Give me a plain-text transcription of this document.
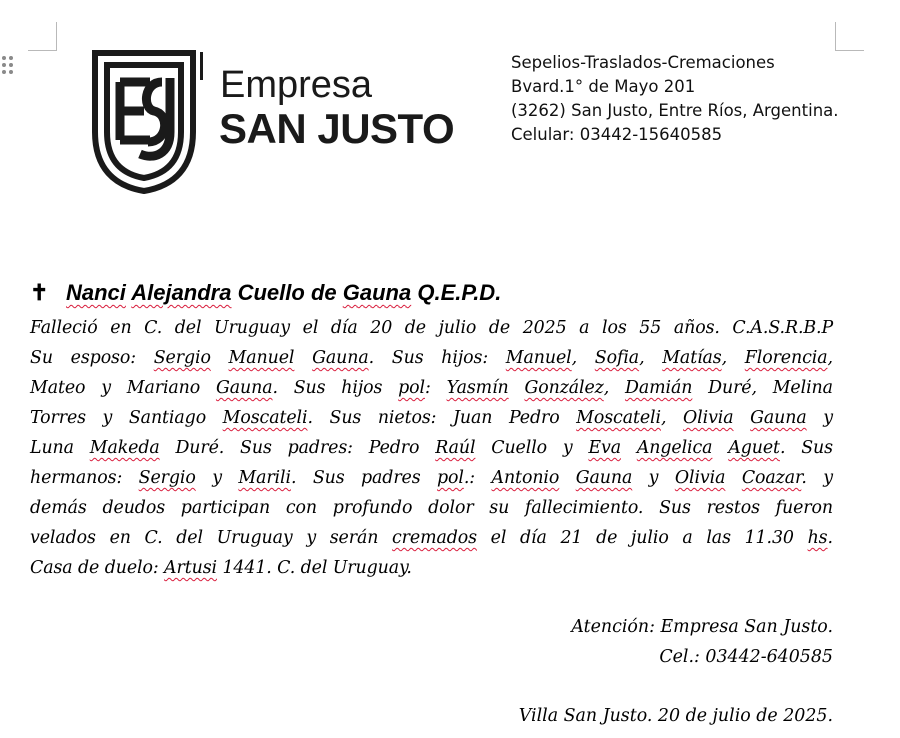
Empresa
SAN JUSTO
Sepelios-Traslados-Cremaciones
Bvard.1° de Mayo 201
(3262) San Justo, Entre Ríos, Argentina.
Celular: 03442-15640585
✝ Nanci Alejandra Cuello de Gauna Q.E.P.D.
Falleció en C. del Uruguay el día 20 de julio de 2025 a los 55 años. C.A.S.R.B.P
Su esposo: Sergio Manuel Gauna. Sus hijos: Manuel, Sofia, Matías, Florencia,
Mateo y Mariano Gauna. Sus hijos pol: Yasmín González, Damián Duré, Melina
Torres y Santiago Moscateli. Sus nietos: Juan Pedro Moscateli, Olivia Gauna y
Luna Makeda Duré. Sus padres: Pedro Raúl Cuello y Eva Angelica Aguet. Sus
hermanos: Sergio y Marili. Sus padres pol.: Antonio Gauna y Olivia Coazar. y
demás deudos participan con profundo dolor su fallecimiento. Sus restos fueron
velados en C. del Uruguay y serán cremados el día 21 de julio a las 11.30 hs.
Casa de duelo: Artusi 1441. C. del Uruguay.
Atención: Empresa San Justo.
Cel.: 03442-640585
Villa San Justo. 20 de julio de 2025.
